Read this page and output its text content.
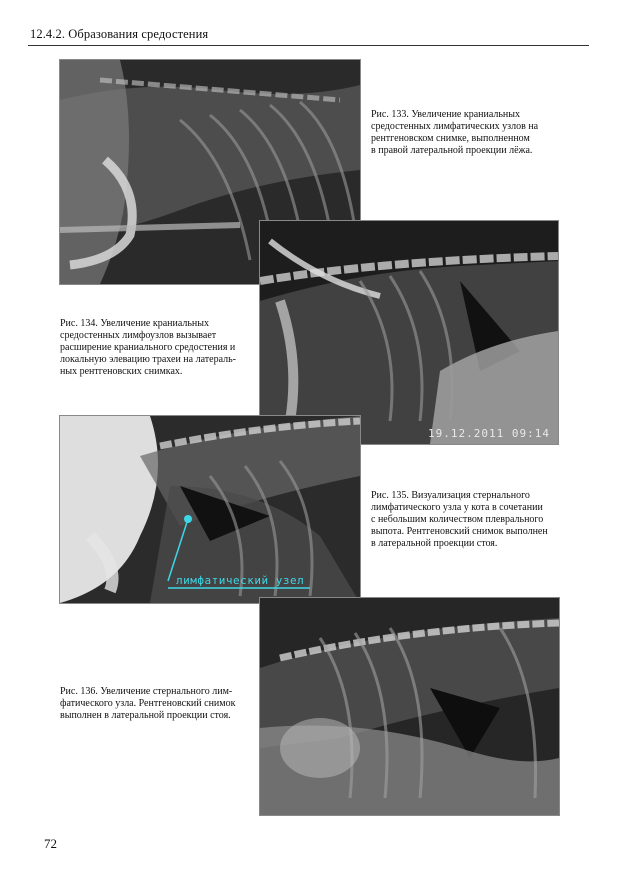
12.4.2. Образования средостения
Рис. 133. Увеличение краниальных
средостенных лимфатических узлов на
рентгеновском снимке, выполненном
в правой латеральной проекции лёжа.
19.12.2011 09:14
Рис. 134. Увеличение краниальных
средостенных лимфоузлов вызывает
расширение краниального средостения и
локальную элевацию трахеи на латераль-
ных рентгеновских снимках.
лимфатический узел
Рис. 135. Визуализация стернального
лимфатического узла у кота в сочетании
с небольшим количеством плеврального
выпота. Рентгеновский снимок выполнен
в латеральной проекции стоя.
Рис. 136. Увеличение стернального лим-
фатического узла. Рентгеновский снимок
выполнен в латеральной проекции стоя.
72
